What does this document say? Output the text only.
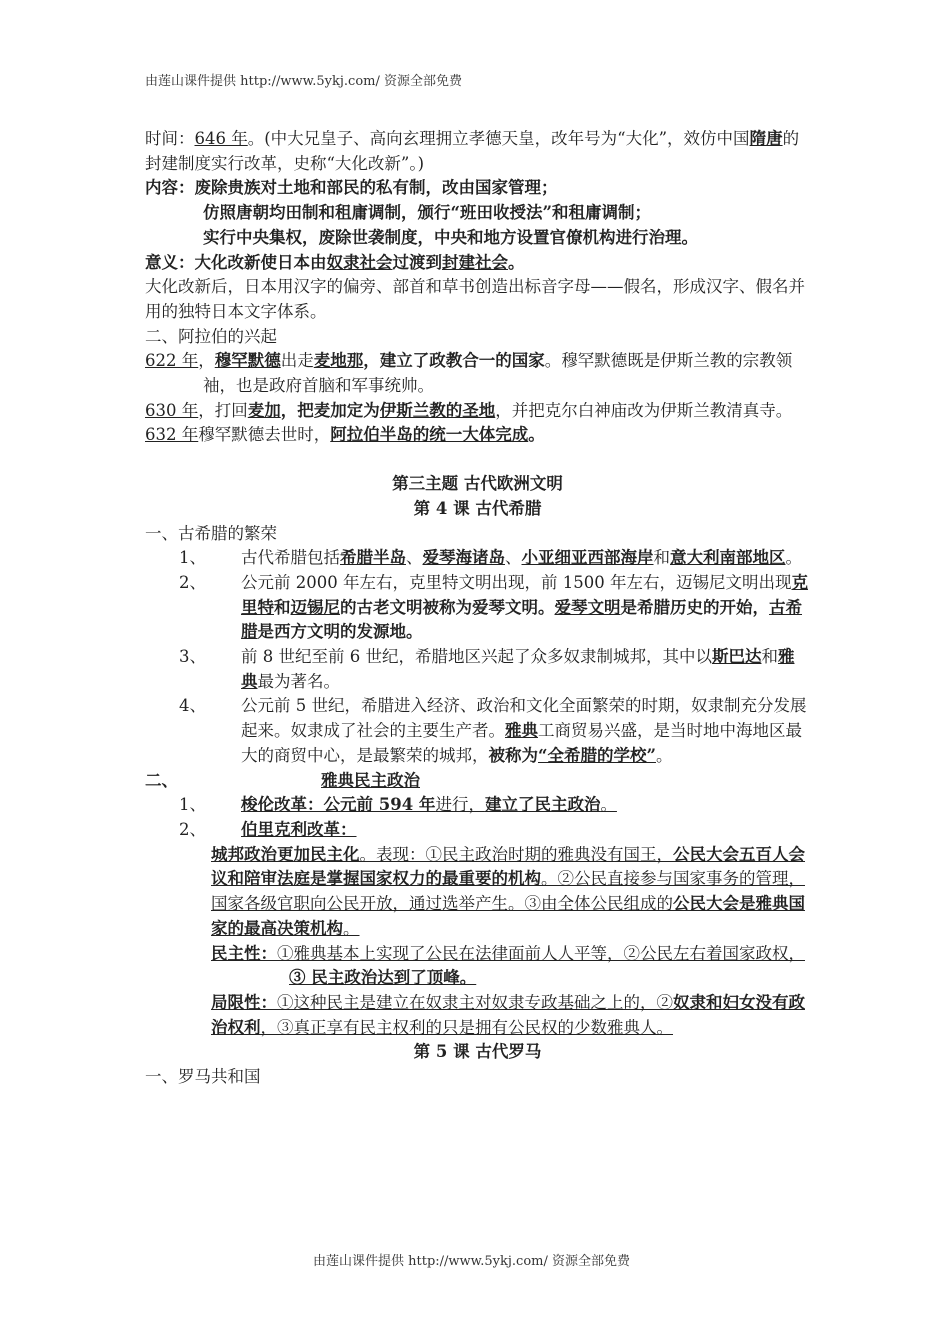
由莲山课件提供 http://www.5ykj.com/ 资源全部免费

时间：646 年。(中大兄皇子、高向玄理拥立孝德天皇，改年号为“大化”，效仿中国隋唐的封建制度实行改革，史称“大化改新”。)

内容：废除贵族对土地和部民的私有制，改由国家管理；

仿照唐朝均田制和租庸调制，颁行“班田收授法”和租庸调制；

实行中央集权，废除世袭制度，中央和地方设置官僚机构进行治理。

意义：大化改新使日本由奴隶社会过渡到封建社会。

大化改新后，日本用汉字的偏旁、部首和草书创造出标音字母——假名，形成汉字、假名并用的独特日本文字体系。

二、阿拉伯的兴起

622 年，穆罕默德出走麦地那，建立了政教合一的国家。穆罕默德既是伊斯兰教的宗教领袖，也是政府首脑和军事统帅。

630 年，打回麦加，把麦加定为伊斯兰教的圣地，并把克尔白神庙改为伊斯兰教清真寺。

632 年穆罕默德去世时，阿拉伯半岛的统一大体完成。

第三主题 古代欧洲文明

第 4 课 古代希腊

一、古希腊的繁荣

1、	古代希腊包括希腊半岛、爱琴海诸岛、小亚细亚西部海岸和意大利南部地区。
2、	公元前 2000 年左右，克里特文明出现，前 1500 年左右，迈锡尼文明出现克里特和迈锡尼的古老文明被称为爱琴文明。爱琴文明是希腊历史的开始，古希腊是西方文明的发源地。
3、	前 8 世纪至前 6 世纪，希腊地区兴起了众多奴隶制城邦，其中以斯巴达和雅典最为著名。
4、	公元前 5 世纪，希腊进入经济、政治和文化全面繁荣的时期，奴隶制充分发展起来。奴隶成了社会的主要生产者。雅典工商贸易兴盛，是当时地中海地区最大的商贸中心，是最繁荣的城邦，被称为“全希腊的学校”。
二、	雅典民主政治
1、	梭伦改革：公元前 594 年进行，建立了民主政治。
2、	伯里克利改革：

城邦政治更加民主化。表现：①民主政治时期的雅典没有国王，公民大会五百人会议和陪审法庭是掌握国家权力的最重要的机构。②公民直接参与国家事务的管理，国家各级官职向公民开放，通过选举产生。③由全体公民组成的公民大会是雅典国家的最高决策机构。

民主性：①雅典基本上实现了公民在法律面前人人平等，②公民左右着国家政权，

③ 民主政治达到了顶峰。

局限性：①这种民主是建立在奴隶主对奴隶专政基础之上的，②奴隶和妇女没有政治权利，③真正享有民主权利的只是拥有公民权的少数雅典人。

第 5 课 古代罗马

一、罗马共和国

由莲山课件提供 http://www.5ykj.com/ 资源全部免费
